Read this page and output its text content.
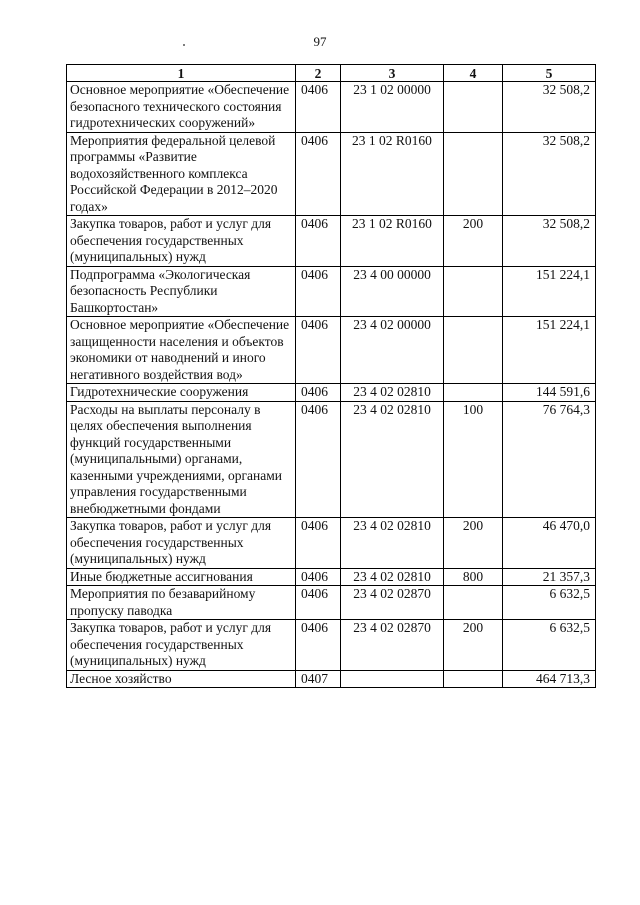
97
1	2	3	4	5
Основное мероприятие «Обеспечение безопасного технического состояния гидротехнических сооружений»	0406	23 1 02 00000		32 508,2
Мероприятия федеральной целевой программы «Развитие водохозяйственного комплекса Российской Федерации в 2012–2020 годах»	0406	23 1 02 R0160		32 508,2
Закупка товаров, работ и услуг для обеспечения государственных (муниципальных) нужд	0406	23 1 02 R0160	200	32 508,2
Подпрограмма «Экологическая безопасность Республики Башкортостан»	0406	23 4 00 00000		151 224,1
Основное мероприятие «Обеспечение защищенности населения и объектов экономики от наводнений и иного негативного воздействия вод»	0406	23 4 02 00000		151 224,1
Гидротехнические сооружения	0406	23 4 02 02810		144 591,6
Расходы на выплаты персоналу в целях обеспечения выполнения функций государственными (муниципальными) органами, казенными учреждениями, органами управления государственными внебюджетными фондами	0406	23 4 02 02810	100	76 764,3
Закупка товаров, работ и услуг для обеспечения государственных (муниципальных) нужд	0406	23 4 02 02810	200	46 470,0
Иные бюджетные ассигнования	0406	23 4 02 02810	800	21 357,3
Мероприятия по безаварийному пропуску паводка	0406	23 4 02 02870		6 632,5
Закупка товаров, работ и услуг для обеспечения государственных (муниципальных) нужд	0406	23 4 02 02870	200	6 632,5
Лесное хозяйство	0407			464 713,3
